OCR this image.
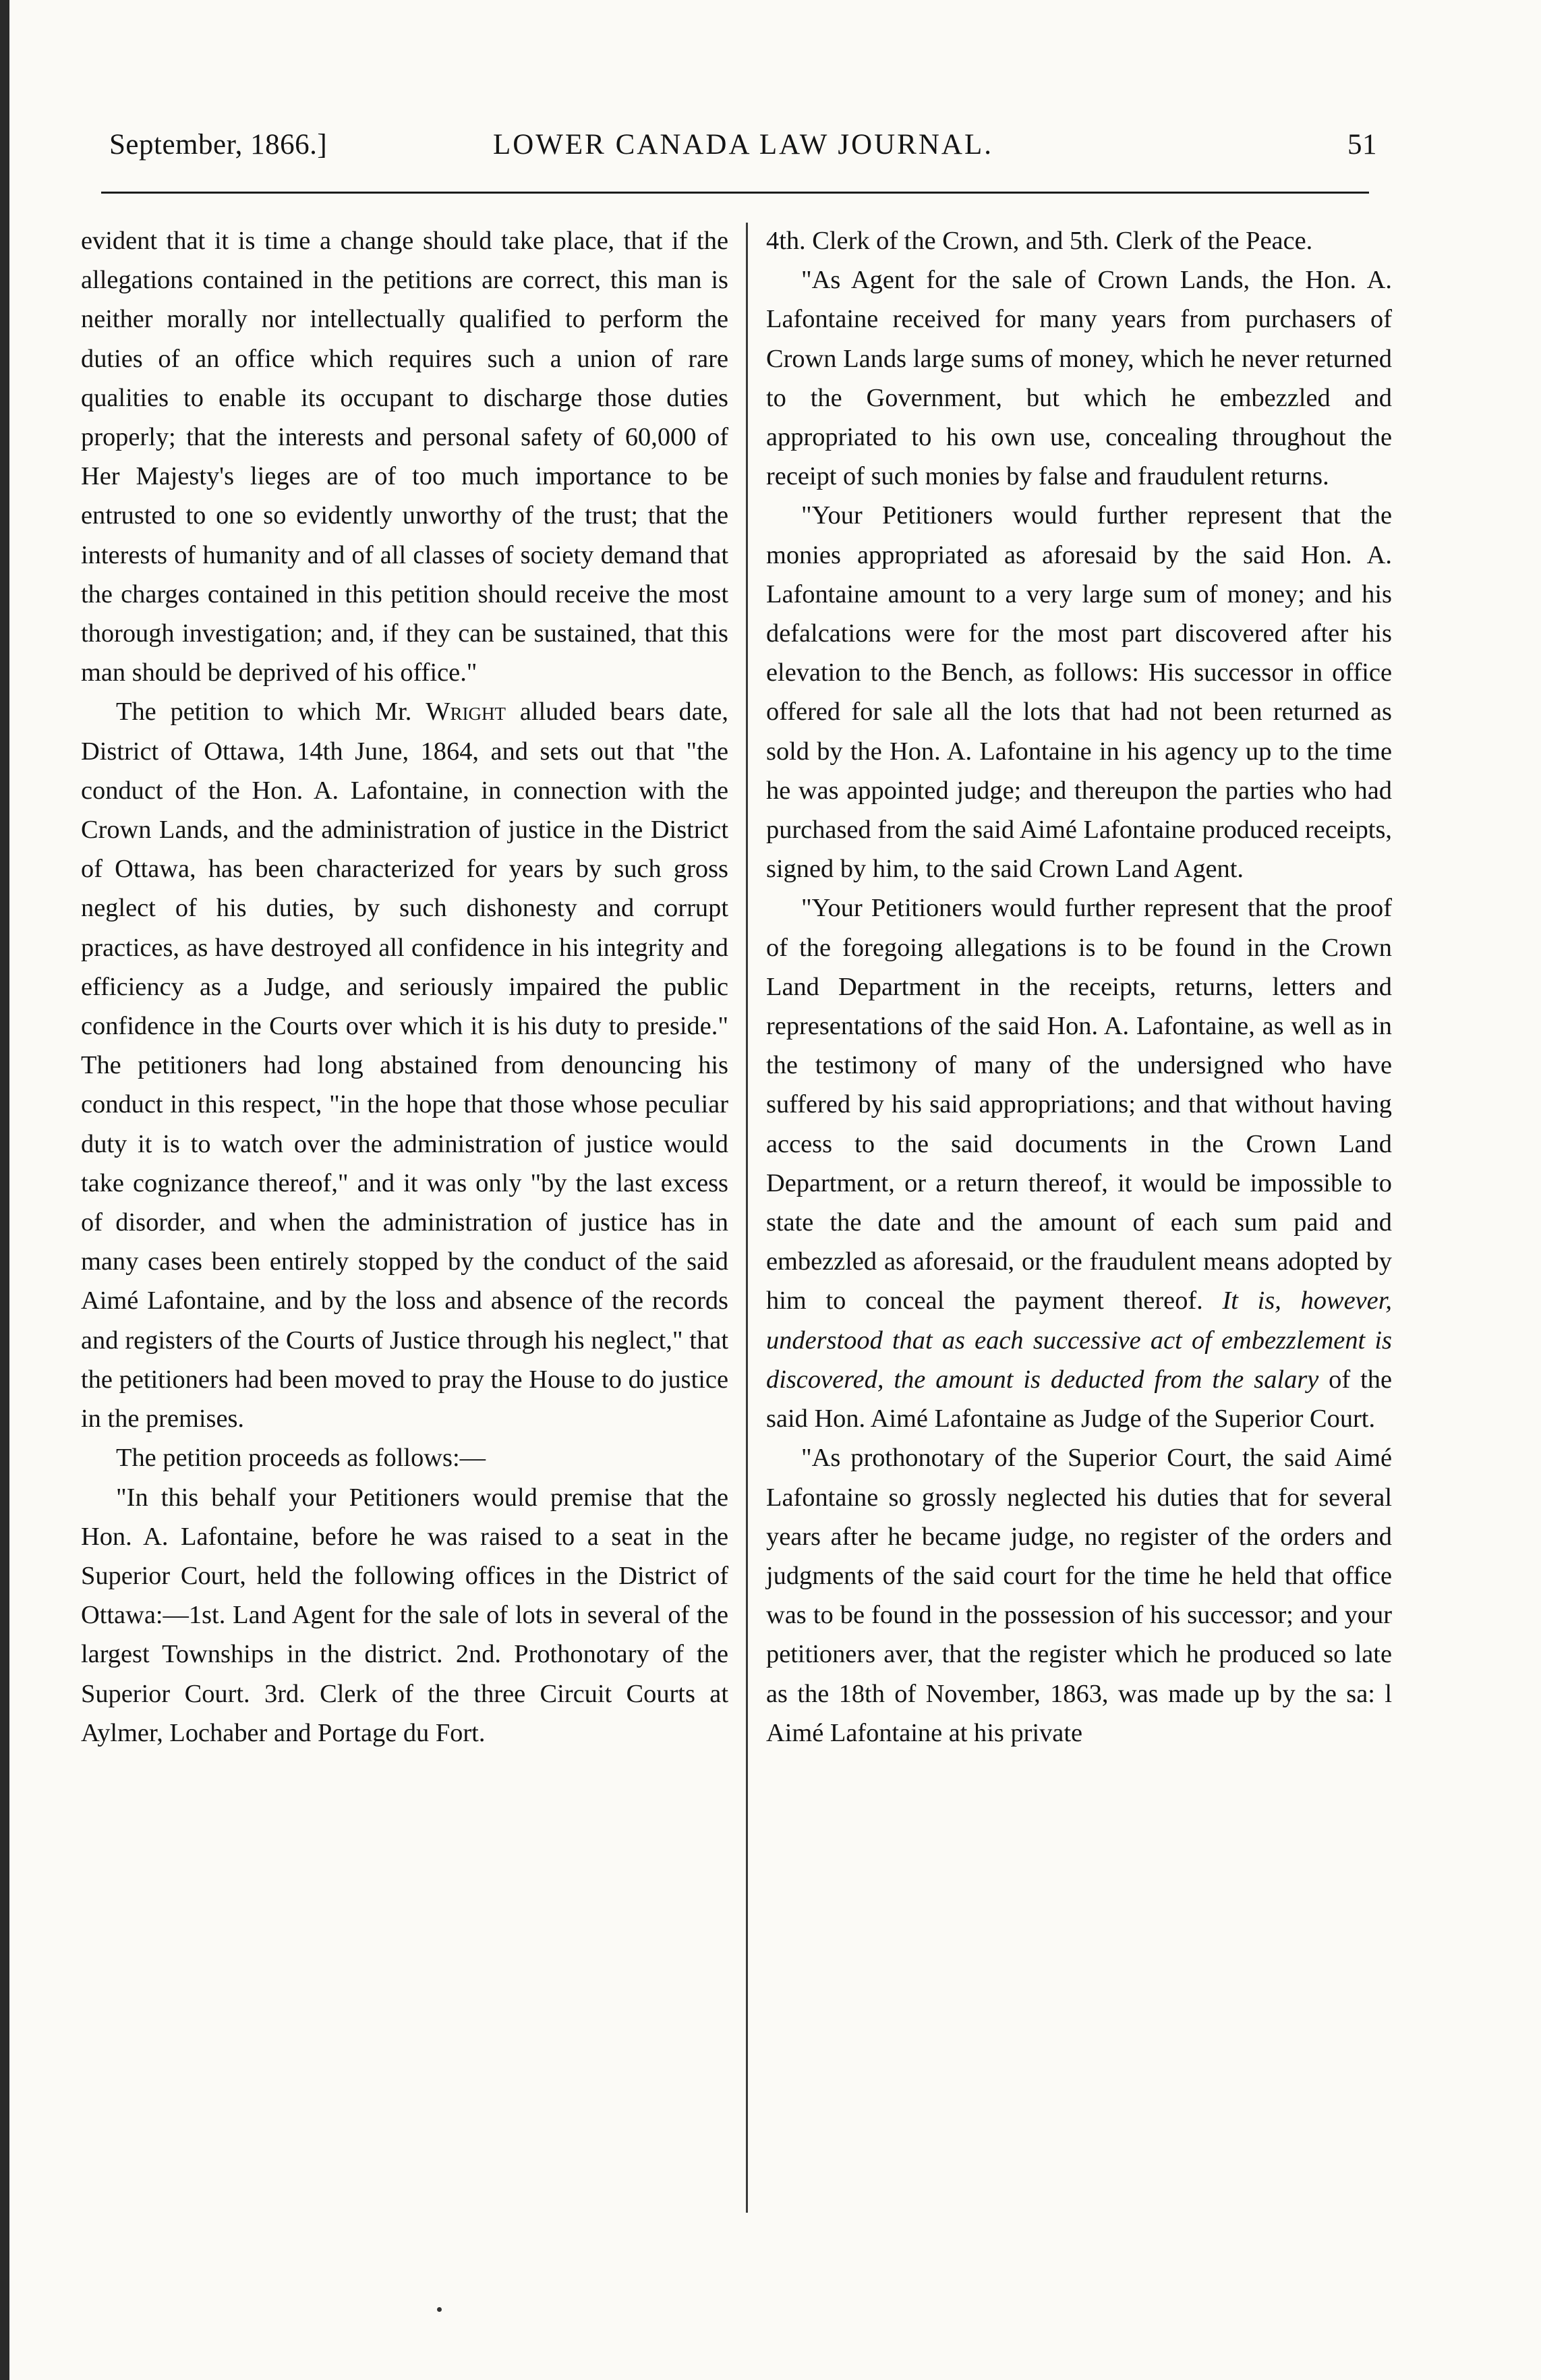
September, 1866.]	LOWER CANADA LAW JOURNAL.	51

evident that it is time a change should take place, that if the allegations contained in the petitions are correct, this man is neither morally nor intellectually qualified to perform the duties of an office which requires such a union of rare qualities to enable its occupant to discharge those duties properly; that the interests and personal safety of 60,000 of Her Majesty's lieges are of too much importance to be entrusted to one so evidently unworthy of the trust; that the interests of humanity and of all classes of society demand that the charges contained in this petition should receive the most thorough investigation; and, if they can be sustained, that this man should be deprived of his office."

The petition to which Mr. Wright alluded bears date, District of Ottawa, 14th June, 1864, and sets out that "the conduct of the Hon. A. Lafontaine, in connection with the Crown Lands, and the administration of justice in the District of Ottawa, has been characterized for years by such gross neglect of his duties, by such dishonesty and corrupt practices, as have destroyed all confidence in his integrity and efficiency as a Judge, and seriously impaired the public confidence in the Courts over which it is his duty to preside." The petitioners had long abstained from denouncing his conduct in this respect, "in the hope that those whose peculiar duty it is to watch over the administration of justice would take cognizance thereof," and it was only "by the last excess of disorder, and when the administration of justice has in many cases been entirely stopped by the conduct of the said Aimé Lafontaine, and by the loss and absence of the records and registers of the Courts of Justice through his neglect," that the petitioners had been moved to pray the House to do justice in the premises.

The petition proceeds as follows:—

"In this behalf your Petitioners would premise that the Hon. A. Lafontaine, before he was raised to a seat in the Superior Court, held the following offices in the District of Ottawa:—1st. Land Agent for the sale of lots in several of the largest Townships in the district. 2nd. Prothonotary of the Superior Court. 3rd. Clerk of the three Circuit Courts at Aylmer, Lochaber and Portage du Fort.

4th. Clerk of the Crown, and 5th. Clerk of the Peace.

"As Agent for the sale of Crown Lands, the Hon. A. Lafontaine received for many years from purchasers of Crown Lands large sums of money, which he never returned to the Government, but which he embezzled and appropriated to his own use, concealing throughout the receipt of such monies by false and fraudulent returns.

"Your Petitioners would further represent that the monies appropriated as aforesaid by the said Hon. A. Lafontaine amount to a very large sum of money; and his defalcations were for the most part discovered after his elevation to the Bench, as follows: His successor in office offered for sale all the lots that had not been returned as sold by the Hon. A. Lafontaine in his agency up to the time he was appointed judge; and thereupon the parties who had purchased from the said Aimé Lafontaine produced receipts, signed by him, to the said Crown Land Agent.

"Your Petitioners would further represent that the proof of the foregoing allegations is to be found in the Crown Land Department in the receipts, returns, letters and representations of the said Hon. A. Lafontaine, as well as in the testimony of many of the undersigned who have suffered by his said appropriations; and that without having access to the said documents in the Crown Land Department, or a return thereof, it would be impossible to state the date and the amount of each sum paid and embezzled as aforesaid, or the fraudulent means adopted by him to conceal the payment thereof. It is, however, understood that as each successive act of embezzlement is discovered, the amount is deducted from the salary of the said Hon. Aimé Lafontaine as Judge of the Superior Court.

"As prothonotary of the Superior Court, the said Aimé Lafontaine so grossly neglected his duties that for several years after he became judge, no register of the orders and judgments of the said court for the time he held that office was to be found in the possession of his successor; and your petitioners aver, that the register which he produced so late as the 18th of November, 1863, was made up by the sa: l Aimé Lafontaine at his private
